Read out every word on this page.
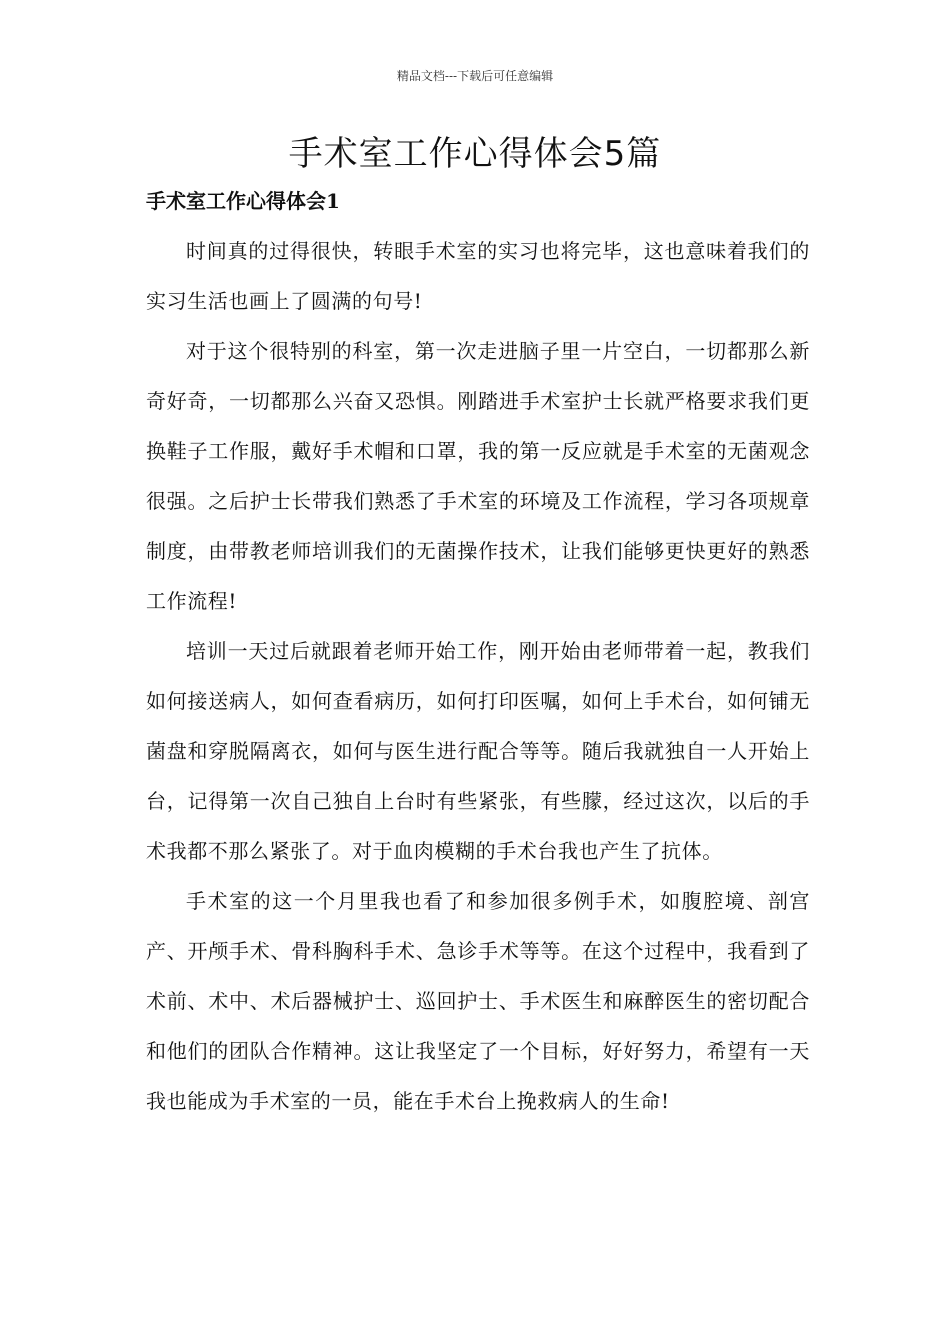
精品文档---下载后可任意编辑
手术室工作心得体会5篇
手术室工作心得体会1

时间真的过得很快，转眼手术室的实习也将完毕，这也意味着我们的实习生活也画上了圆满的句号!

对于这个很特别的科室，第一次走进脑子里一片空白，一切都那么新奇好奇，一切都那么兴奋又恐惧。刚踏进手术室护士长就严格要求我们更换鞋子工作服，戴好手术帽和口罩，我的第一反应就是手术室的无菌观念很强。之后护士长带我们熟悉了手术室的环境及工作流程，学习各项规章制度，由带教老师培训我们的无菌操作技术，让我们能够更快更好的熟悉工作流程!

培训一天过后就跟着老师开始工作，刚开始由老师带着一起，教我们如何接送病人，如何查看病历，如何打印医嘱，如何上手术台，如何铺无菌盘和穿脱隔离衣，如何与医生进行配合等等。随后我就独自一人开始上台，记得第一次自己独自上台时有些紧张，有些朦，经过这次，以后的手术我都不那么紧张了。对于血肉模糊的手术台我也产生了抗体。

手术室的这一个月里我也看了和参加很多例手术，如腹腔境、剖宫产、开颅手术、骨科胸科手术、急诊手术等等。在这个过程中，我看到了术前、术中、术后器械护士、巡回护士、手术医生和麻醉医生的密切配合和他们的团队合作精神。这让我坚定了一个目标，好好努力，希望有一天我也能成为手术室的一员，能在手术台上挽救病人的生命!
